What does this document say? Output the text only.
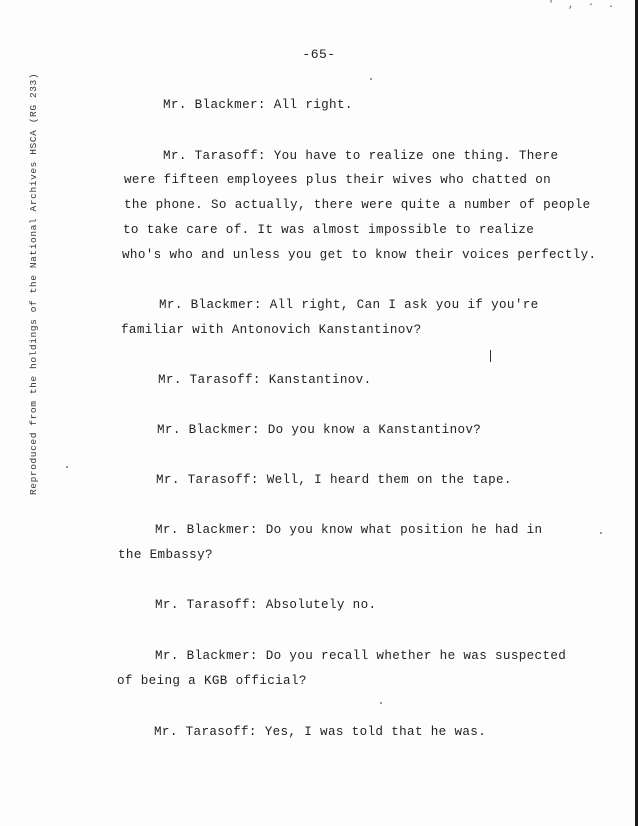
' , · .
-65-
Reproduced from the holdings of the National Archives HSCA (RG 233)	Mr. Blackmer: All right.
Mr. Tarasoff: You have to realize one thing. There
were fifteen employees plus their wives who chatted on
the phone. So actually, there were quite a number of people
to take care of. It was almost impossible to realize
who's who and unless you get to know their voices perfectly.
Mr. Blackmer: All right, Can I ask you if you're
familiar with Antonovich Kanstantinov?
Mr. Tarasoff: Kanstantinov.
Mr. Blackmer: Do you know a Kanstantinov?
Mr. Tarasoff: Well, I heard them on the tape.
Mr. Blackmer: Do you know what position he had in
the Embassy?
Mr. Tarasoff: Absolutely no.
Mr. Blackmer: Do you recall whether he was suspected
of being a KGB official?
Mr. Tarasoff: Yes, I was told that he was.
